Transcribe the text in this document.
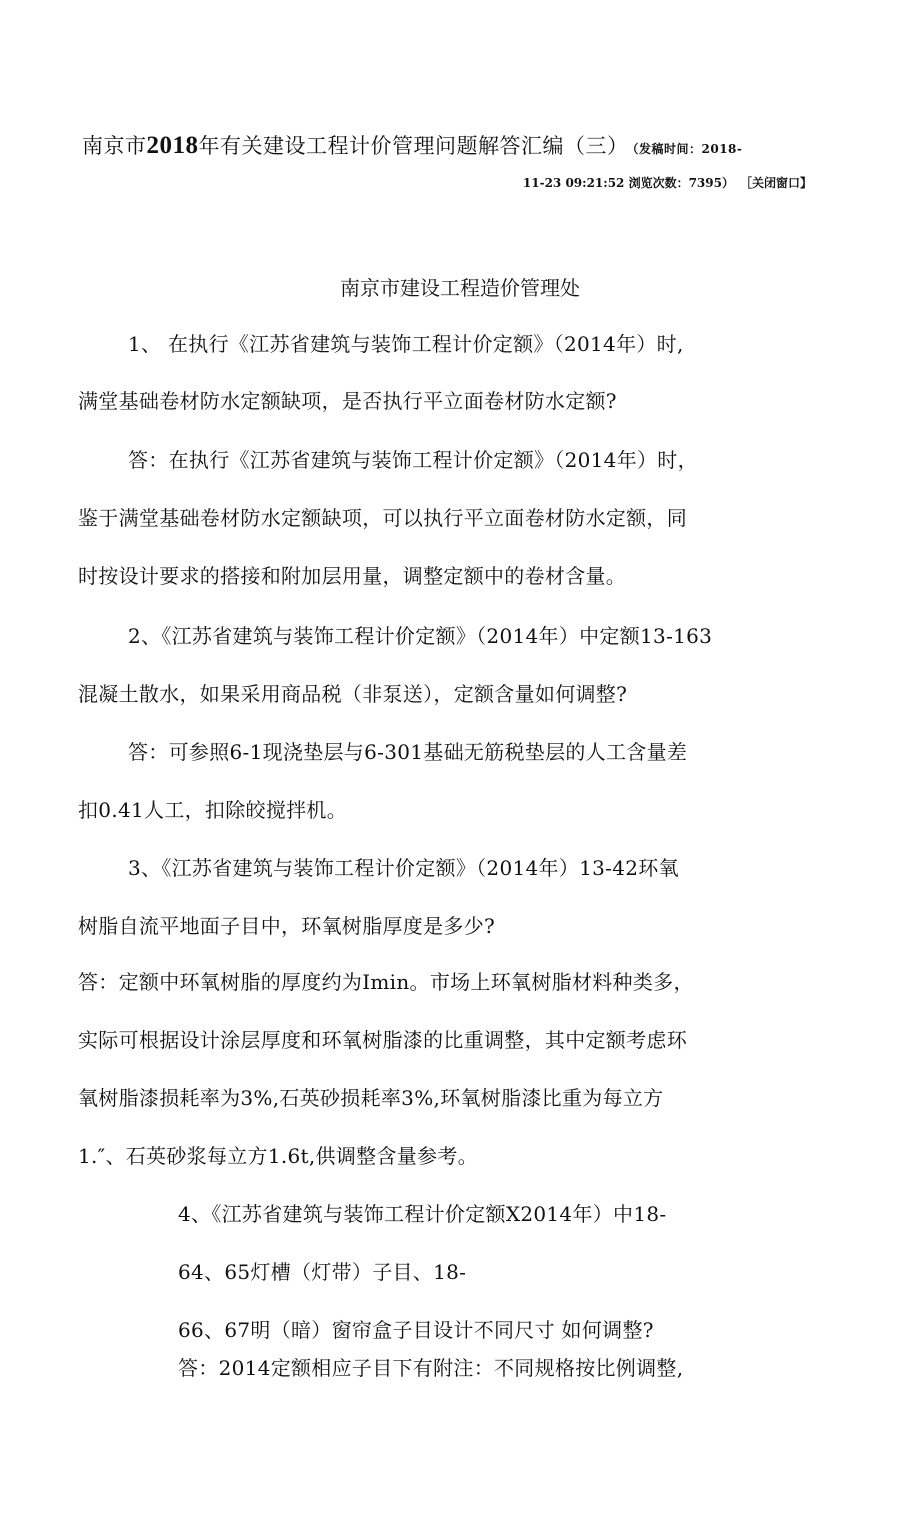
南京市2018年有关建设工程计价管理问题解答汇编（三） （发稿时间：2018-
11-23 09:21:52 浏览次数：7395） ［关闭窗口】
南京市建设工程造价管理处
1、 在执行《江苏省建筑与装饰工程计价定额》（2014年）时,
满堂基础卷材防水定额缺项，是否执行平立面卷材防水定额?
答：在执行《江苏省建筑与装饰工程计价定额》（2014年）时，
鉴于满堂基础卷材防水定额缺项，可以执行平立面卷材防水定额，同
时按设计要求的搭接和附加层用量，调整定额中的卷材含量。
2、《江苏省建筑与装饰工程计价定额》（2014年）中定额13-163
混凝土散水，如果采用商品税（非泵送），定额含量如何调整?
答：可参照6-1现浇垫层与6-301基础无筋税垫层的人工含量差
扣0.41人工，扣除皎搅拌机。
3、《江苏省建筑与装饰工程计价定额》（2014年）13-42环氧
树脂自流平地面子目中，环氧树脂厚度是多少?
答：定额中环氧树脂的厚度约为Imin。市场上环氧树脂材料种类多，
实际可根据设计涂层厚度和环氧树脂漆的比重调整，其中定额考虑环
氧树脂漆损耗率为3%,石英砂损耗率3%,环氧树脂漆比重为每立方
1.″、石英砂浆每立方1.6t,供调整含量参考。
4、《江苏省建筑与装饰工程计价定额X2014年）中18-
64、65灯槽（灯带）子目、18-
66、67明（暗）窗帘盒子目设计不同尺寸 如何调整?
答：2014定额相应子目下有附注：不同规格按比例调整,
